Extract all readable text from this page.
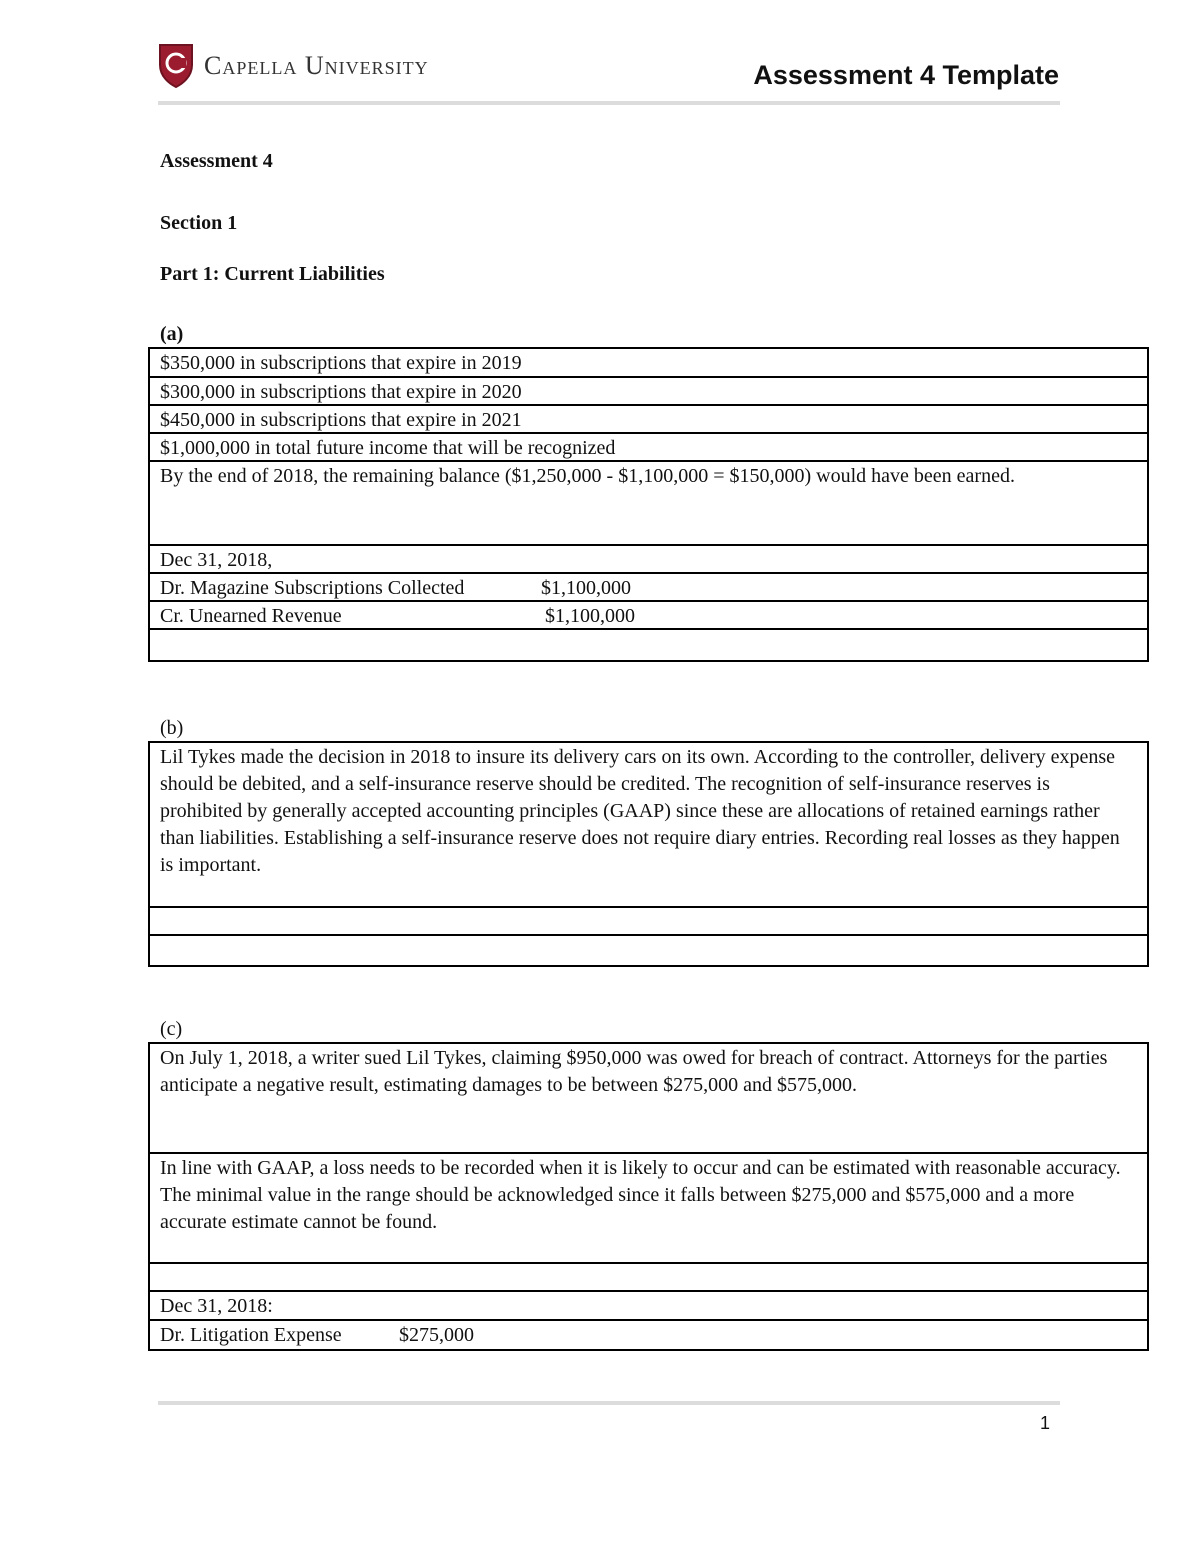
Capella University	Assessment 4 Template
Assessment 4
Section 1
Part 1: Current Liabilities
(a)
$350,000 in subscriptions that expire in 2019
$300,000 in subscriptions that expire in 2020
$450,000 in subscriptions that expire in 2021
$1,000,000 in total future income that will be recognized
By the end of 2018, the remaining balance ($1,250,000 - $1,100,000 = $150,000) would have been earned.
Dec 31, 2018,
Dr. Magazine Subscriptions Collected	$1,100,000
Cr. Unearned Revenue	$1,100,000
(b)
Lil Tykes made the decision in 2018 to insure its delivery cars on its own. According to the controller, delivery expense should be debited, and a self-insurance reserve should be credited. The recognition of self-insurance reserves is prohibited by generally accepted accounting principles (GAAP) since these are allocations of retained earnings rather than liabilities. Establishing a self-insurance reserve does not require diary entries. Recording real losses as they happen is important.
(c)
On July 1, 2018, a writer sued Lil Tykes, claiming $950,000 was owed for breach of contract. Attorneys for the parties anticipate a negative result, estimating damages to be between $275,000 and $575,000.
In line with GAAP, a loss needs to be recorded when it is likely to occur and can be estimated with reasonable accuracy. The minimal value in the range should be acknowledged since it falls between $275,000 and $575,000 and a more accurate estimate cannot be found.
Dec 31, 2018:
Dr. Litigation Expense	$275,000
1
